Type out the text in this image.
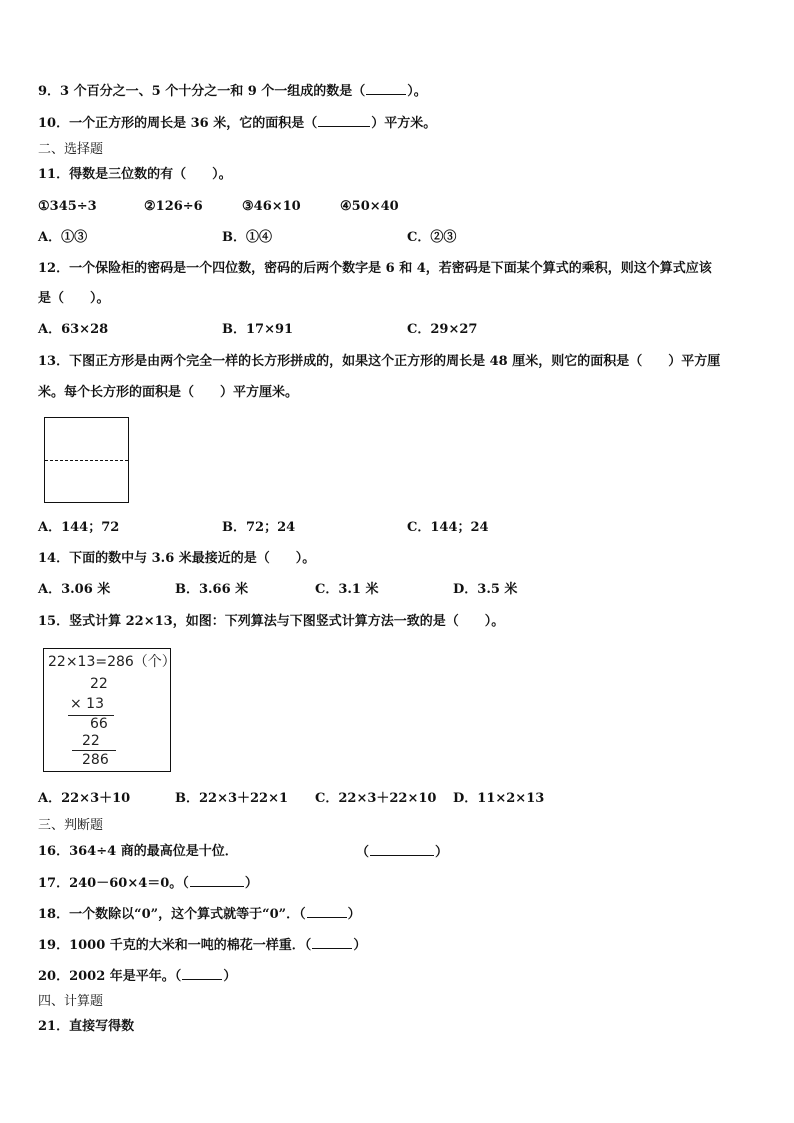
9．3 个百分之一、5 个十分之一和 9 个一组成的数是（	）。
10．一个正方形的周长是 36 米，它的面积是（	）平方米。
二、选择题
11．得数是三位数的有（　　）。
①345÷3	②126÷6	③46×10	④50×40
A．①③	B．①④	C．②③
12．一个保险柜的密码是一个四位数，密码的后两个数字是 6 和 4，若密码是下面某个算式的乘积，则这个算式应该
是（　　）。
A．63×28	B．17×91	C．29×27
13．下图正方形是由两个完全一样的长方形拼成的，如果这个正方形的周长是 48 厘米，则它的面积是（　　）平方厘
米。每个长方形的面积是（　　）平方厘米。
A．144；72	B．72；24	C．144；24
14．下面的数中与 3.6 米最接近的是（　　）。
A．3.06 米	B．3.66 米	C．3.1 米	D．3.5 米
15．竖式计算 22×13，如图：下列算法与下图竖式计算方法一致的是（　　）。
22×13=286（个）
22
× 13
66
22
286
A．22×3＋10	B．22×3＋22×1 C．22×3＋22×10 D．11×2×13
三、判断题
16．364÷4 商的最高位是十位．	（	）
17．240－60×4＝0。（	）
18．一个数除以“0”，这个算式就等于“0”．（	）
19．1000 千克的大米和一吨的棉花一样重．（	）
20．2002 年是平年。（	）
四、计算题
21．直接写得数
